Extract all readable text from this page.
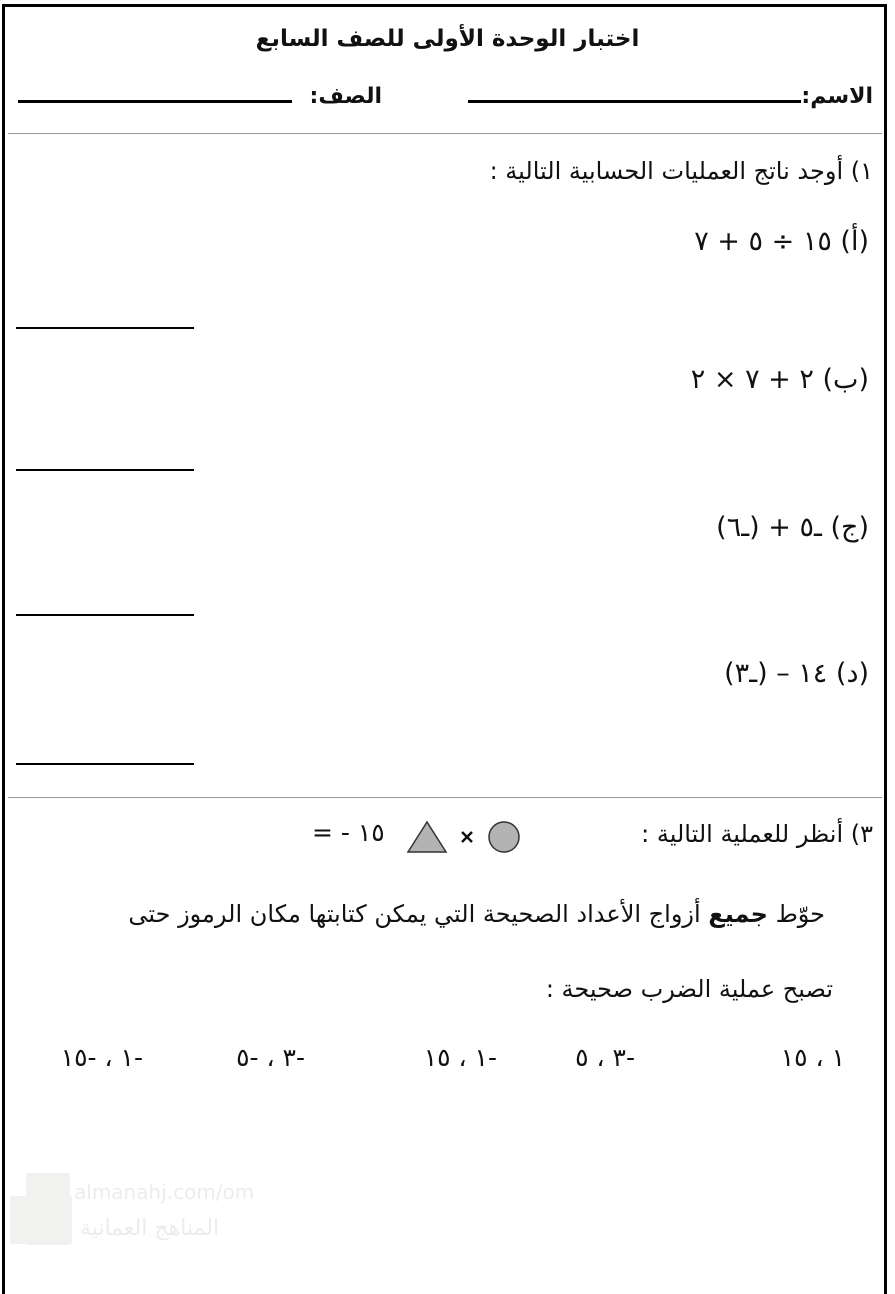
اختبار الوحدة الأولى للصف السابع
الاسم:
الصف:
١) أوجد ناتج العمليات الحسابية التالية :
(أ) ١٥ ÷ ٥ + ٧
(ب) ٢ + ٧ × ٢
(ج) ـ٥ + (ـ٦)
(د) ١٤ – (ـ٣)
٣) أنظر للعملية التالية :
= - ١٥
حوّط جميع أزواج الأعداد الصحيحة التي يمكن كتابتها مكان الرموز حتى
تصبح عملية الضرب صحيحة :
١ ، ١٥
-٣ ، ٥
-١ ، ١٥
-٣ ، -٥
-١ ، -١٥
almanahj.com/om
المناهج العمانية
